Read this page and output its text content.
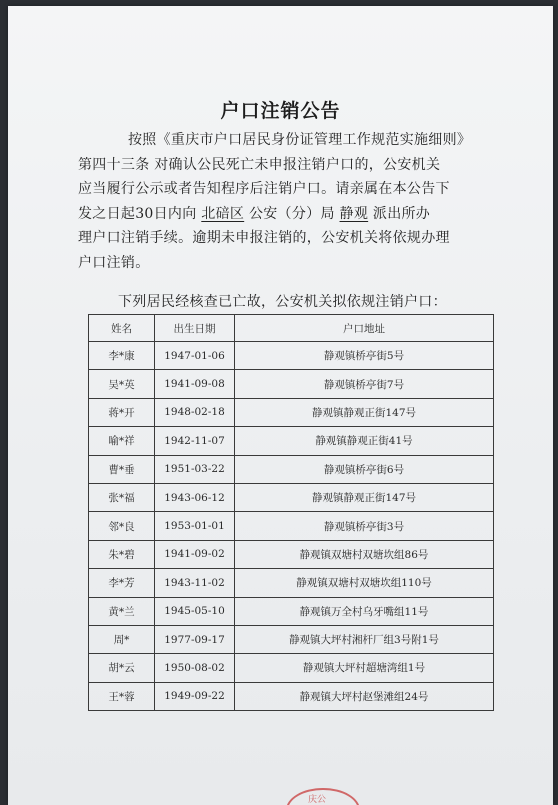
户口注销公告
按照《重庆市户口居民身份证管理工作规范实施细则》
第四十三条 对确认公民死亡未申报注销户口的，公安机关
应当履行公示或者告知程序后注销户口。请亲属在本公告下
发之日起30日内向 北碚区 公安（分）局 静观 派出所办
理户口注销手续。逾期未申报注销的，公安机关将依规办理
户口注销。
下列居民经核查已亡故，公安机关拟依规注销户口：
姓名	出生日期	户口地址
李*康	1947-01-06	静观镇桥亭街5号
吴*英	1941-09-08	静观镇桥亭街7号
蒋*开	1948-02-18	静观镇静观正街147号
喻*祥	1942-11-07	静观镇静观正街41号
曹*垂	1951-03-22	静观镇桥亭街6号
张*福	1943-06-12	静观镇静观正街147号
邻*良	1953-01-01	静观镇桥亭街3号
朱*碧	1941-09-02	静观镇双塘村双塘坎组86号
李*芳	1943-11-02	静观镇双塘村双塘坎组110号
黄*兰	1945-05-10	静观镇万全村乌牙嘴组11号
周*	1977-09-17	静观镇大坪村湘杆厂组3号附1号
胡*云	1950-08-02	静观镇大坪村超塘湾组1号
王*蓉	1949-09-22	静观镇大坪村赵堡滩组24号
庆公
